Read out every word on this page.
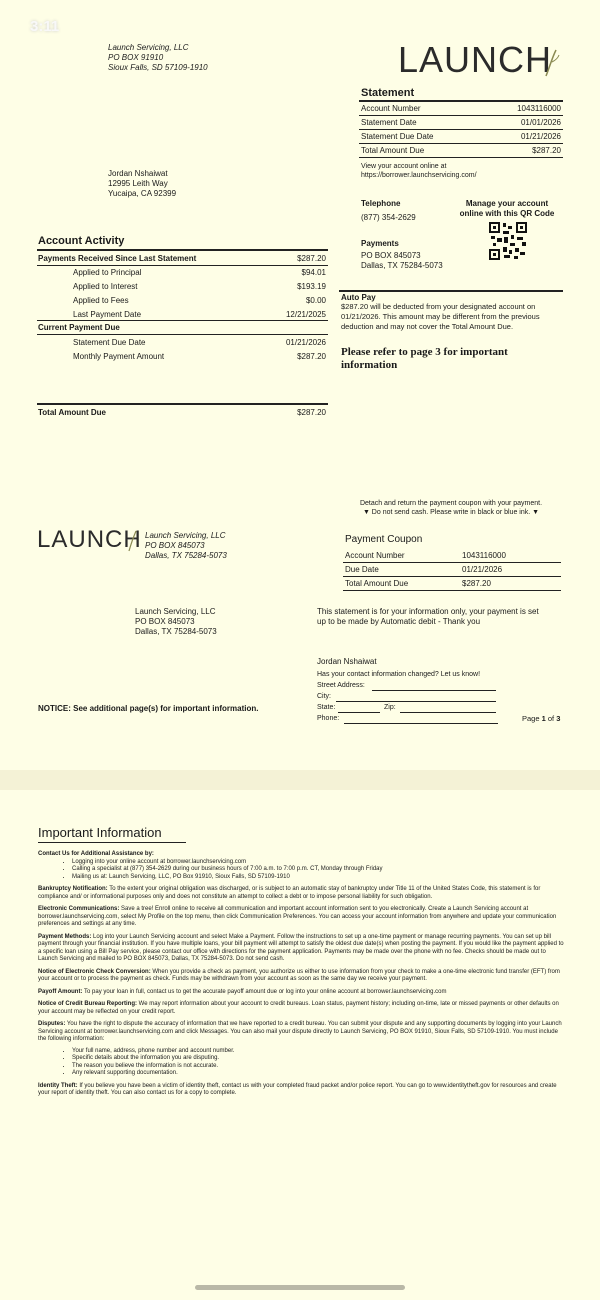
3:11
Launch Servicing, LLC
PO BOX 91910
Sioux Falls, SD 57109-1910	LAUNCH
Statement
Account Number	1043116000
Statement Date	01/01/2026
Statement Due Date	01/21/2026
Total Amount Due	$287.20
View your account online at
https://borrower.launchservicing.com/
Jordan Nshaiwat
12995 Leith Way
Yucaipa, CA 92399
Telephone
(877) 354-2629
Manage your account
online with this QR Code
Payments
PO BOX 845073
Dallas, TX 75284-5073
Account Activity
Payments Received Since Last Statement	$287.20
Applied to Principal	$94.01
Applied to Interest	$193.19
Applied to Fees	$0.00
Last Payment Date	12/21/2025
Current Payment Due
Statement Due Date	01/21/2026
Monthly Payment Amount	$287.20
Total Amount Due	$287.20
Auto Pay
$287.20 will be deducted from your designated account on
01/21/2026. This amount may be different from the previous
deduction and may not cover the Total Amount Due.
Please refer to page 3 for important
information
Detach and return the payment coupon with your payment.
▼ Do not send cash. Please write in black or blue ink. ▼
LAUNCH Launch Servicing, LLC
PO BOX 845073
Dallas, TX 75284-5073
Payment Coupon
Account Number	1043116000
Due Date	01/21/2026
Total Amount Due	$287.20
Launch Servicing, LLC
PO BOX 845073
Dallas, TX 75284-5073
This statement is for your information only, your payment is set
up to be made by Automatic debit - Thank you
Jordan Nshaiwat
Has your contact information changed? Let us know!
Street Address:
City:
State:	Zip:
Phone:
NOTICE: See additional page(s) for important information.
Page 1 of 3
Important Information

Contact Us for Additional Assistance by:

• Logging into your online account at borrower.launchservicing.com
• Calling a specialist at (877) 354-2629 during our business hours of 7:00 a.m. to 7:00 p.m. CT, Monday through Friday
• Mailing us at: Launch Servicing, LLC, PO Box 91910, Sioux Falls, SD 57109-1910

Bankruptcy Notification: To the extent your original obligation was discharged, or is subject to an automatic stay of bankruptcy under Title 11 of the United States Code, this statement is for compliance and/ or informational purposes only and does not constitute an attempt to collect a debt or to impose personal liability for such obligation.

Electronic Communications: Save a tree! Enroll online to receive all communication and important account information sent to you electronically. Create a Launch Servicing account at borrower.launchservicing.com, select My Profile on the top menu, then click Communication Preferences. You can access your account information from anywhere and update your communication preferences and settings at any time.

Payment Methods: Log into your Launch Servicing account and select Make a Payment. Follow the instructions to set up a one-time payment or manage recurring payments. You can set up bill payment through your financial institution. If you have multiple loans, your bill payment will attempt to satisfy the oldest due date(s) when posting the payment. If you would like the payment applied to a specific loan using a Bill Pay service, please contact our office with directions for the payment application. Payments may be made over the phone with no fee. Checks should be made out to Launch Servicing and mailed to PO BOX 845073, Dallas, TX 75284-5073. Do not send cash.

Notice of Electronic Check Conversion: When you provide a check as payment, you authorize us either to use information from your check to make a one-time electronic fund transfer (EFT) from your account or to process the payment as check. Funds may be withdrawn from your account as soon as the same day we receive your payment.

Payoff Amount: To pay your loan in full, contact us to get the accurate payoff amount due or log into your online account at borrower.launchservicing.com

Notice of Credit Bureau Reporting: We may report information about your account to credit bureaus. Loan status, payment history; including on-time, late or missed payments or other defaults on your account may be reflected on your credit report.

Disputes: You have the right to dispute the accuracy of information that we have reported to a credit bureau. You can submit your dispute and any supporting documents by logging into your Launch Servicing account at borrower.launchservicing.com and click Messages. You can also mail your dispute directly to Launch Servicing, PO BOX 91910, Sioux Falls, SD 57109-1910. You must include the following information:

• Your full name, address, phone number and account number.
• Specific details about the information you are disputing.
• The reason you believe the information is not accurate.
• Any relevant supporting documentation.

Identity Theft: If you believe you have been a victim of identity theft, contact us with your completed fraud packet and/or police report. You can go to www.identitytheft.gov for resources and create your report of identity theft. You can also contact us for a copy to complete.
